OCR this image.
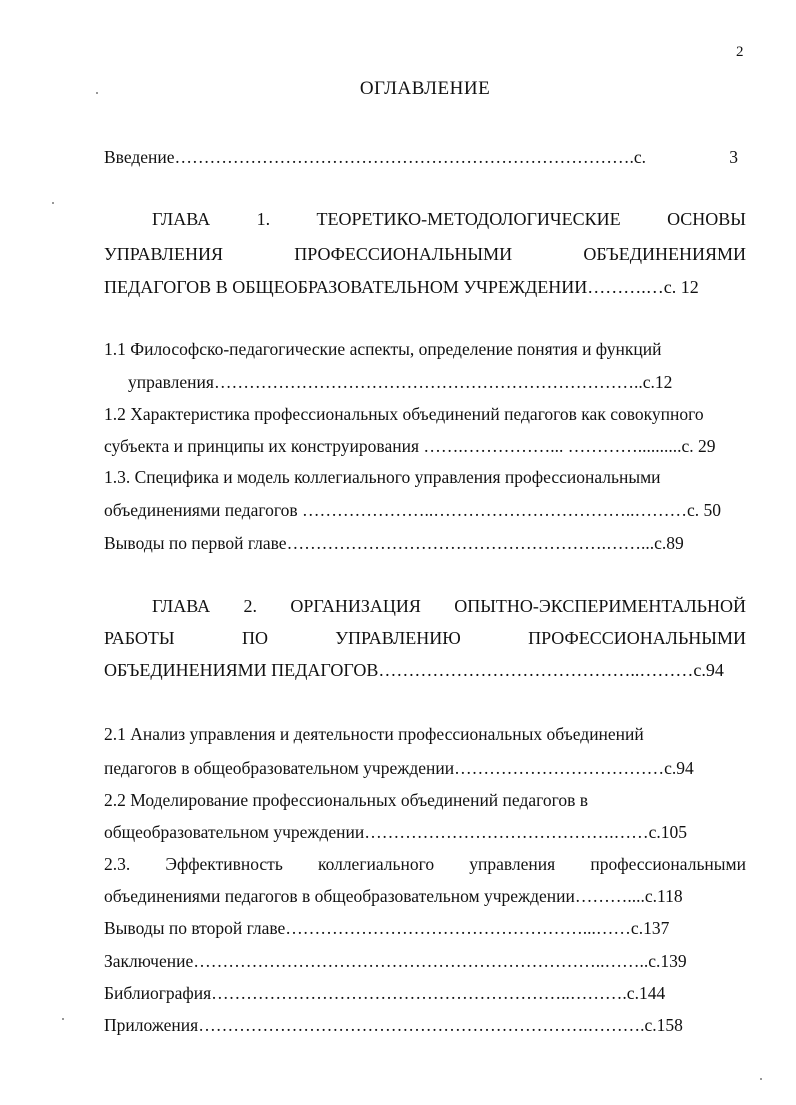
2
ОГЛАВЛЕНИЕ
Введение…………………………………………………………………….с. 3
ГЛАВА 1. ТЕОРЕТИКО-МЕТОДОЛОГИЧЕСКИЕ ОСНОВЫ
УПРАВЛЕНИЯ ПРОФЕССИОНАЛЬНЫМИ ОБЪЕДИНЕНИЯМИ
ПЕДАГОГОВ В ОБЩЕОБРАЗОВАТЕЛЬНОМ УЧРЕЖДЕНИИ……….…с. 12
1.1 Философско-педагогические аспекты, определение понятия и функций
управления………………………………………………………………..с.12
1.2 Характеристика профессиональных объединений педагогов как совокупного
субъекта и принципы их конструирования …….……………... …………..........с. 29
1.3. Специфика и модель коллегиального управления профессиональными
объединениями педагогов …………………..……………………………..………с. 50
Выводы по первой главе……………………………………………….……...с.89
ГЛАВА 2. ОРГАНИЗАЦИЯ ОПЫТНО-ЭКСПЕРИМЕНТАЛЬНОЙ
РАБОТЫ ПО УПРАВЛЕНИЮ ПРОФЕССИОНАЛЬНЫМИ
ОБЪЕДИНЕНИЯМИ ПЕДАГОГОВ……………………………………..………с.94
2.1 Анализ управления и деятельности профессиональных объединений
педагогов в общеобразовательном учреждении………………………………с.94
2.2 Моделирование профессиональных объединений педагогов в
общеобразовательном учреждении…………………………………….……с.105
2.3. Эффективность коллегиального управления профессиональными
объединениями педагогов в общеобразовательном учреждении………....с.118
Выводы по второй главе……………………………………………...……с.137
Заключение……………………………………………………………..……..с.139
Библиография……………………………………………………..……….с.144
Приложения………………………………………………………….……….с.158
